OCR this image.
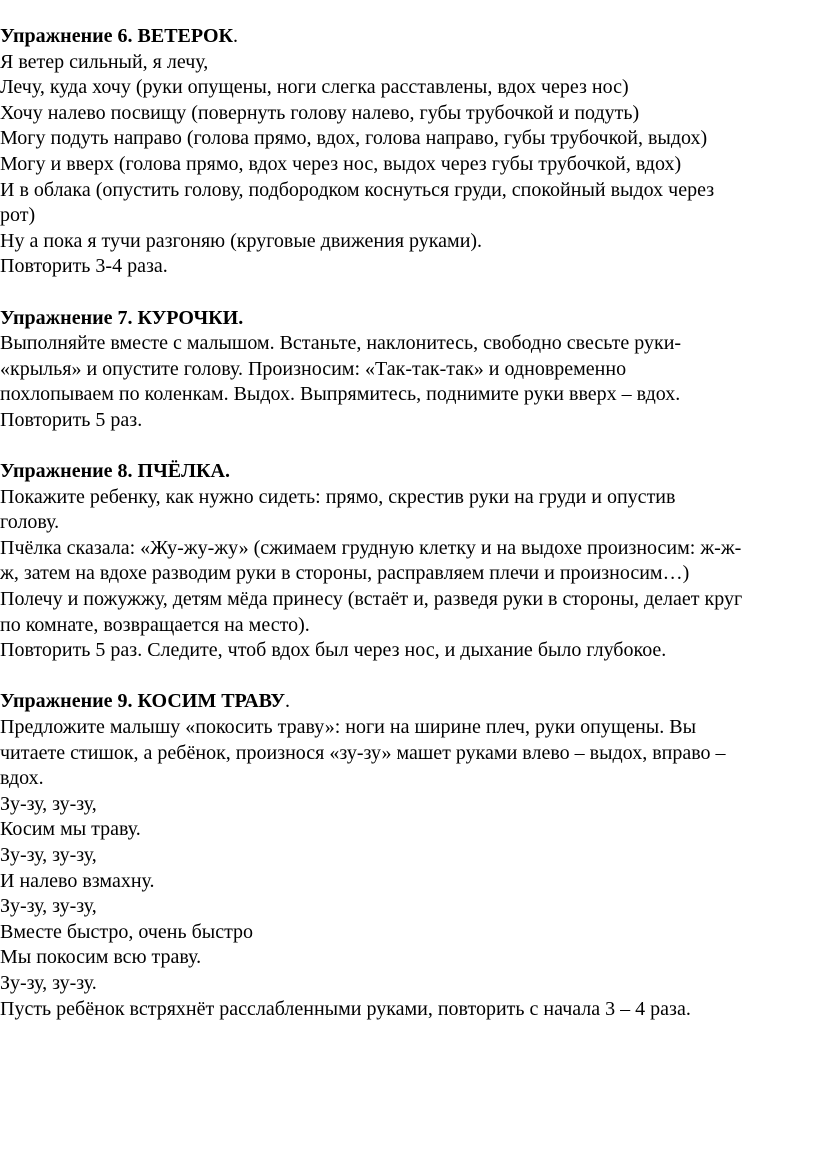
Упражнение 6. ВЕТЕРОК.
Я ветер сильный, я лечу,
Лечу, куда хочу (руки опущены, ноги слегка расставлены, вдох через нос)
Хочу налево посвищу (повернуть голову налево, губы трубочкой и подуть)
Могу подуть направо (голова прямо, вдох, голова направо, губы трубочкой, выдох)
Могу и вверх (голова прямо, вдох через нос, выдох через губы трубочкой, вдох)
И в облака (опустить голову, подбородком коснуться груди, спокойный выдох через
рот)
Ну а пока я тучи разгоняю (круговые движения руками).
Повторить 3-4 раза.
Упражнение 7. КУРОЧКИ.
Выполняйте вместе с малышом. Встаньте, наклонитесь, свободно свесьте руки-
«крылья» и опустите голову. Произносим: «Так-так-так» и одновременно
похлопываем по коленкам. Выдох. Выпрямитесь, поднимите руки вверх – вдох.
Повторить 5 раз.
Упражнение 8. ПЧЁЛКА.
Покажите ребенку, как нужно сидеть: прямо, скрестив руки на груди и опустив
голову.
Пчёлка сказала: «Жу-жу-жу» (сжимаем грудную клетку и на выдохе произносим: ж-ж-
ж, затем на вдохе разводим руки в стороны, расправляем плечи и произносим…)
Полечу и пожужжу, детям мёда принесу (встаёт и, разведя руки в стороны, делает круг
по комнате, возвращается на место).
Повторить 5 раз. Следите, чтоб вдох был через нос, и дыхание было глубокое.
Упражнение 9. КОСИМ ТРАВУ.
Предложите малышу «покосить траву»: ноги на ширине плеч, руки опущены. Вы
читаете стишок, а ребёнок, произнося «зу-зу» машет руками влево – выдох, вправо –
вдох.
Зу-зу, зу-зу,
Косим мы траву.
Зу-зу, зу-зу,
И налево взмахну.
Зу-зу, зу-зу,
Вместе быстро, очень быстро
Мы покосим всю траву.
Зу-зу, зу-зу.
Пусть ребёнок встряхнёт расслабленными руками, повторить с начала 3 – 4 раза.
